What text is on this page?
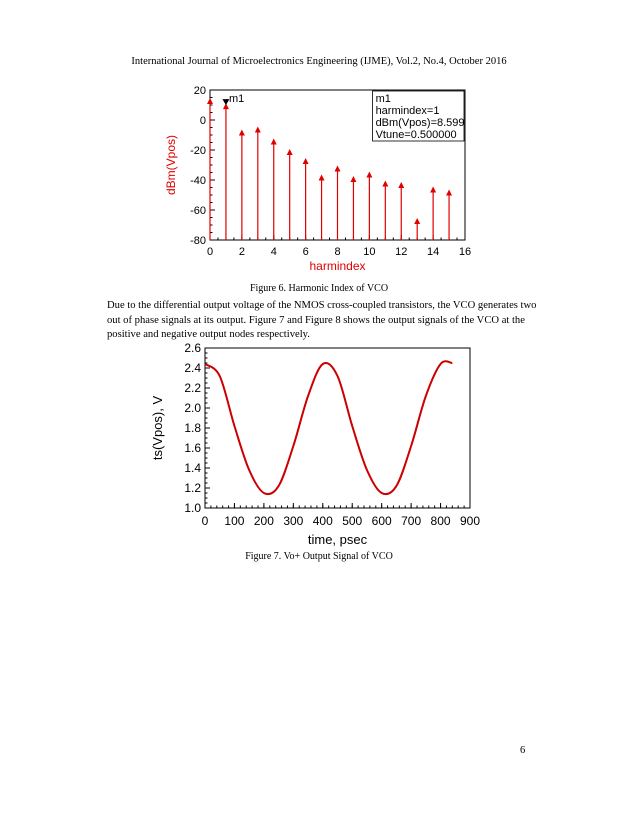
International Journal of Microelectronics Engineering (IJME), Vol.2, No.4, October 2016
0 2 4 6 8 10 12 14 16
20
0
-20
-40
-60
-80
harmindex
dBm(Vpos)
m1	m1
harmindex=1
dBm(Vpos)=8.599
Vtune=0.500000
Figure 6. Harmonic Index of VCO
Due to the differential output voltage of the NMOS cross-coupled transistors, the VCO generates two out of phase signals at its output. Figure 7 and Figure 8 shows the output signals of the VCO at the positive and negative output nodes respectively.
0 100 200 300 400 500 600 700 800 900
2.6
2.4
2.2
2.0
1.8
1.6
1.4
1.2
1.0
time, psec
ts(Vpos), V
Figure 7. Vo+ Output Signal of VCO
6
